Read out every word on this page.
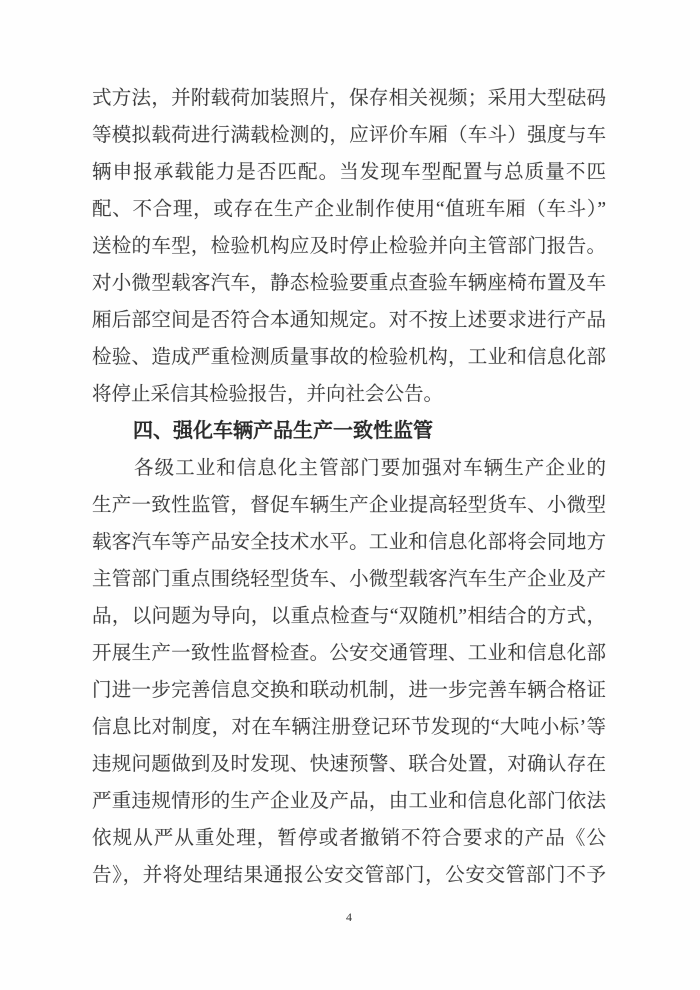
式方法，并附载荷加装照片，保存相关视频；采用大型砝码
等模拟载荷进行满载检测的，应评价车厢（车斗）强度与车
辆申报承载能力是否匹配。当发现车型配置与总质量不匹
配、不合理，或存在生产企业制作使用“值班车厢（车斗）”
送检的车型，检验机构应及时停止检验并向主管部门报告。
对小微型载客汽车，静态检验要重点查验车辆座椅布置及车
厢后部空间是否符合本通知规定。对不按上述要求进行产品
检验、造成严重检测质量事故的检验机构，工业和信息化部
将停止采信其检验报告，并向社会公告。
四、强化车辆产品生产一致性监管
各级工业和信息化主管部门要加强对车辆生产企业的
生产一致性监管，督促车辆生产企业提高轻型货车、小微型
载客汽车等产品安全技术水平。工业和信息化部将会同地方
主管部门重点围绕轻型货车、小微型载客汽车生产企业及产
品，以问题为导向，以重点检查与“双随机”相结合的方式，
开展生产一致性监督检查。公安交通管理、工业和信息化部
门进一步完善信息交换和联动机制，进一步完善车辆合格证
信息比对制度，对在车辆注册登记环节发现的“大吨小标’等
违规问题做到及时发现、快速预警、联合处置，对确认存在
严重违规情形的生产企业及产品，由工业和信息化部门依法
依规从严从重处理，暂停或者撤销不符合要求的产品《公
告》，并将处理结果通报公安交管部门，公安交管部门不予
4
